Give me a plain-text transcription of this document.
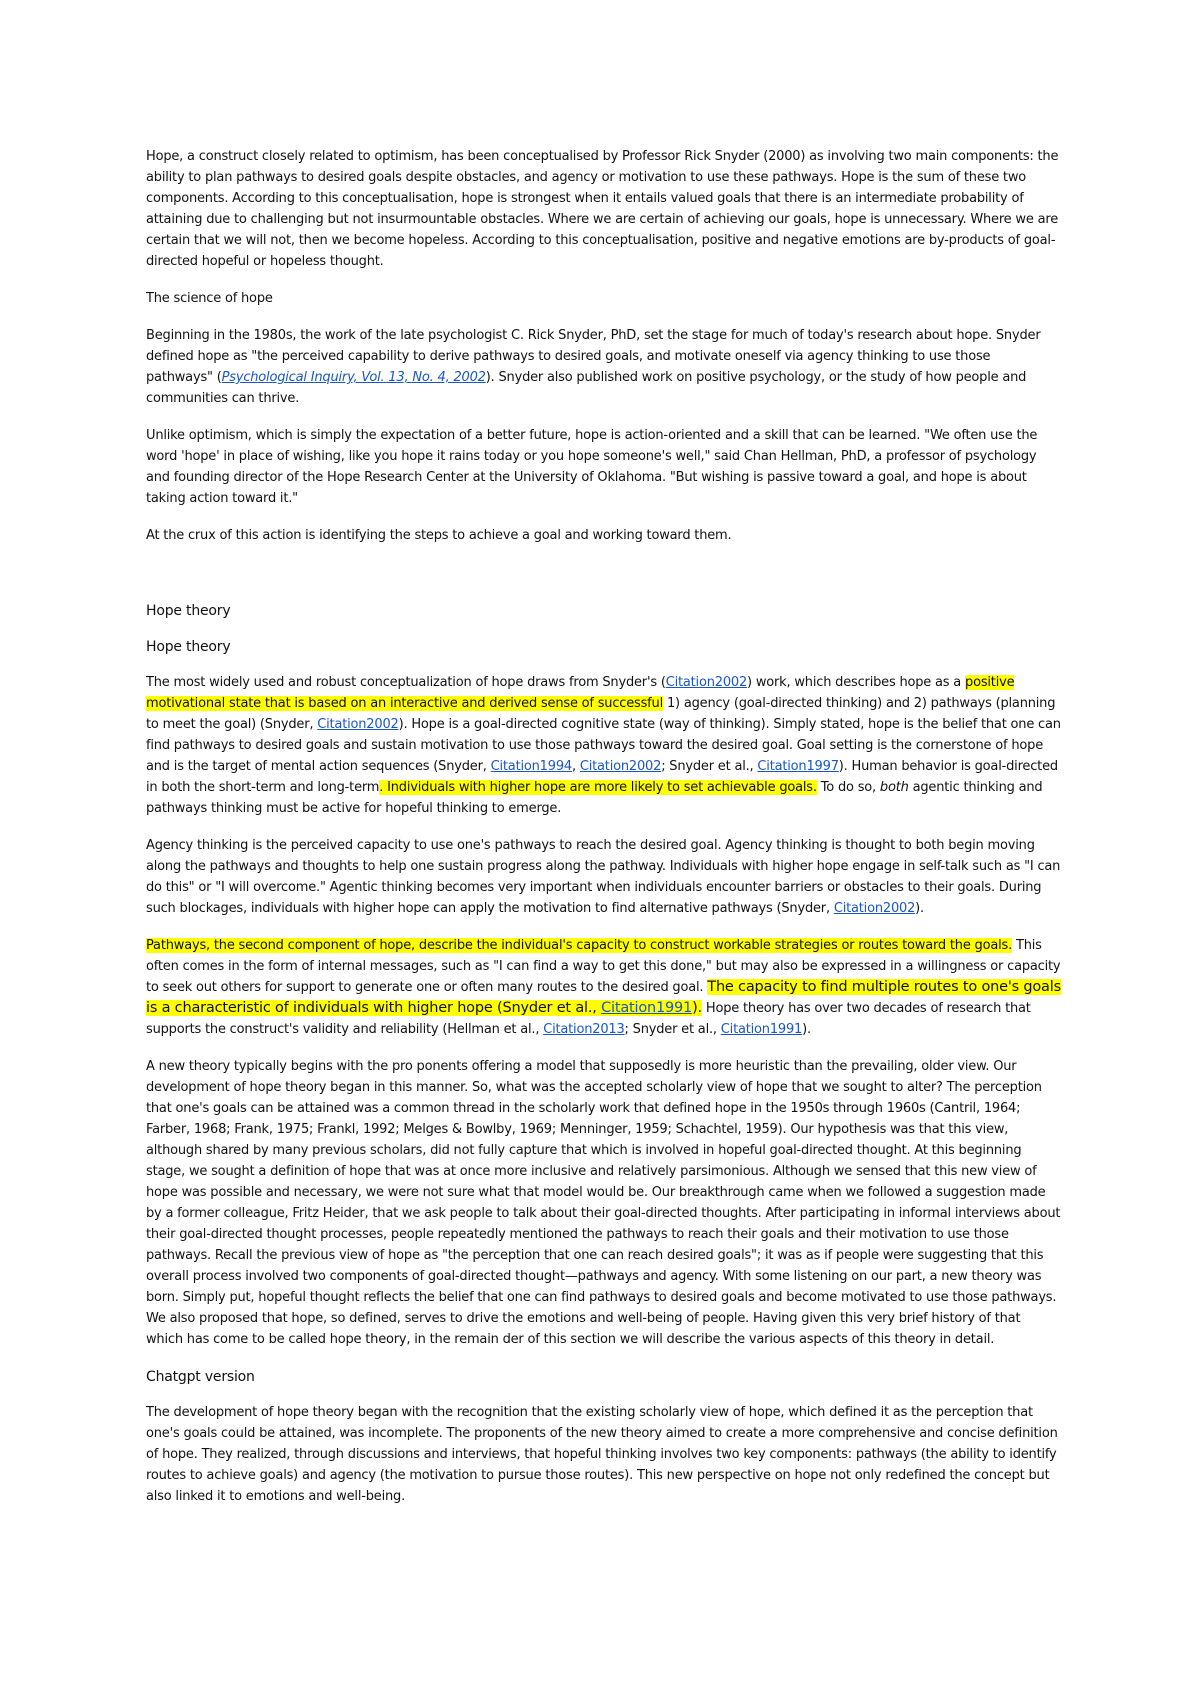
Hope, a construct closely related to optimism, has been conceptualised by Professor Rick Snyder (2000) as involving two main components: the ability to plan pathways to desired goals despite obstacles, and agency or motivation to use these pathways. Hope is the sum of these two components. According to this conceptualisation, hope is strongest when it entails valued goals that there is an intermediate probability of attaining due to challenging but not insurmountable obstacles. Where we are certain of achieving our goals, hope is unnecessary. Where we are certain that we will not, then we become hopeless. According to this conceptualisation, positive and negative emotions are by-products of goal-directed hopeful or hopeless thought.

The science of hope

Beginning in the 1980s, the work of the late psychologist C. Rick Snyder, PhD, set the stage for much of today's research about hope. Snyder defined hope as "the perceived capability to derive pathways to desired goals, and motivate oneself via agency thinking to use those pathways" (Psychological Inquiry, Vol. 13, No. 4, 2002). Snyder also published work on positive psychology, or the study of how people and communities can thrive.

Unlike optimism, which is simply the expectation of a better future, hope is action-oriented and a skill that can be learned. "We often use the word 'hope' in place of wishing, like you hope it rains today or you hope someone's well," said Chan Hellman, PhD, a professor of psychology and founding director of the Hope Research Center at the University of Oklahoma. "But wishing is passive toward a goal, and hope is about taking action toward it."

At the crux of this action is identifying the steps to achieve a goal and working toward them.

Hope theory

Hope theory

The most widely used and robust conceptualization of hope draws from Snyder's (Citation2002) work, which describes hope as a positive motivational state that is based on an interactive and derived sense of successful 1) agency (goal-directed thinking) and 2) pathways (planning to meet the goal) (Snyder, Citation2002). Hope is a goal-directed cognitive state (way of thinking). Simply stated, hope is the belief that one can find pathways to desired goals and sustain motivation to use those pathways toward the desired goal. Goal setting is the cornerstone of hope and is the target of mental action sequences (Snyder, Citation1994, Citation2002; Snyder et al., Citation1997). Human behavior is goal-directed in both the short-term and long-term. Individuals with higher hope are more likely to set achievable goals. To do so, both agentic thinking and pathways thinking must be active for hopeful thinking to emerge.

Agency thinking is the perceived capacity to use one's pathways to reach the desired goal. Agency thinking is thought to both begin moving along the pathways and thoughts to help one sustain progress along the pathway. Individuals with higher hope engage in self-talk such as "I can do this" or "I will overcome." Agentic thinking becomes very important when individuals encounter barriers or obstacles to their goals. During such blockages, individuals with higher hope can apply the motivation to find alternative pathways (Snyder, Citation2002).

Pathways, the second component of hope, describe the individual's capacity to construct workable strategies or routes toward the goals. This often comes in the form of internal messages, such as "I can find a way to get this done," but may also be expressed in a willingness or capacity to seek out others for support to generate one or often many routes to the desired goal. The capacity to find multiple routes to one's goals is a characteristic of individuals with higher hope (Snyder et al., Citation1991). Hope theory has over two decades of research that supports the construct's validity and reliability (Hellman et al., Citation2013; Snyder et al., Citation1991).

A new theory typically begins with the pro ponents offering a model that supposedly is more heuristic than the prevailing, older view. Our development of hope theory began in this manner. So, what was the accepted scholarly view of hope that we sought to alter? The perception that one's goals can be attained was a common thread in the scholarly work that defined hope in the 1950s through 1960s (Cantril, 1964; Farber, 1968; Frank, 1975; Frankl, 1992; Melges & Bowlby, 1969; Menninger, 1959; Schachtel, 1959). Our hypothesis was that this view, although shared by many previous scholars, did not fully capture that which is involved in hopeful goal-directed thought. At this beginning stage, we sought a definition of hope that was at once more inclusive and relatively parsimonious. Although we sensed that this new view of hope was possible and necessary, we were not sure what that model would be. Our breakthrough came when we followed a suggestion made by a former colleague, Fritz Heider, that we ask people to talk about their goal-directed thoughts. After participating in informal interviews about their goal-directed thought processes, people repeatedly mentioned the pathways to reach their goals and their motivation to use those pathways. Recall the previous view of hope as "the perception that one can reach desired goals"; it was as if people were suggesting that this overall process involved two components of goal-directed thought—pathways and agency. With some listening on our part, a new theory was born. Simply put, hopeful thought reflects the belief that one can find pathways to desired goals and become motivated to use those pathways. We also proposed that hope, so defined, serves to drive the emotions and well-being of people. Having given this very brief history of that which has come to be called hope theory, in the remain der of this section we will describe the various aspects of this theory in detail.

Chatgpt version

The development of hope theory began with the recognition that the existing scholarly view of hope, which defined it as the perception that one's goals could be attained, was incomplete. The proponents of the new theory aimed to create a more comprehensive and concise definition of hope. They realized, through discussions and interviews, that hopeful thinking involves two key components: pathways (the ability to identify routes to achieve goals) and agency (the motivation to pursue those routes). This new perspective on hope not only redefined the concept but also linked it to emotions and well-being.
